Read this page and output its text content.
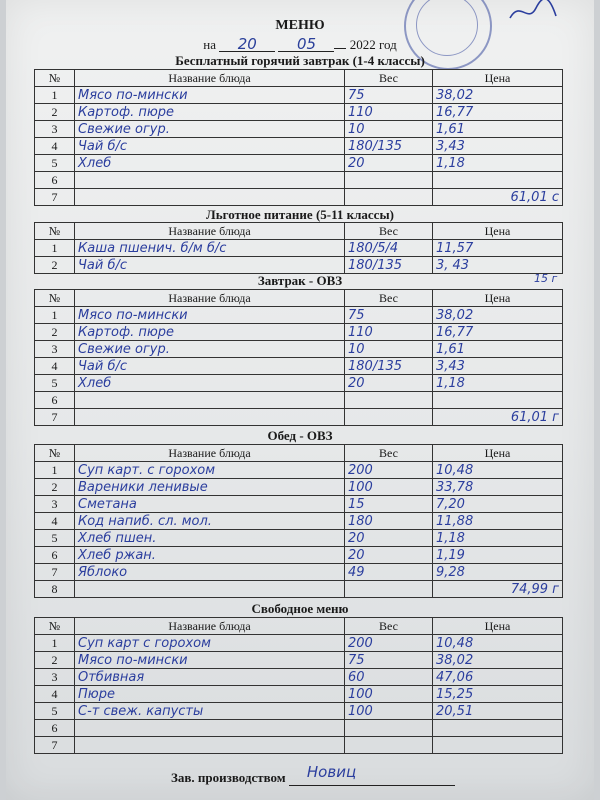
МЕНЮ
на 20	05	2022 год
Бесплатный горячий завтрак (1-4 классы)
№	Название блюда	Вес	Цена
1	Мясо по-мински	75	38,02
2	Картоф. пюре	110	16,77
3	Свежие огур.	10	1,61
4	Чай б/с	180/135	3,43
5	Хлеб	20	1,18
6			
7			61,01 с
Льготное питание (5-11 классы)
№	Название блюда	Вес	Цена
1	Каша пшенич. б/м б/с	180/5/4	11,57
2	Чай б/с	180/135	3, 43
15 г
Завтрак - ОВЗ
№	Название блюда	Вес	Цена
1	Мясо по-мински	75	38,02
2	Картоф. пюре	110	16,77
3	Свежие огур.	10	1,61
4	Чай б/с	180/135	3,43
5	Хлеб	20	1,18
6			
7			61,01 г
Обед - ОВЗ
№	Название блюда	Вес	Цена
1	Суп карт. с горохом	200	10,48
2	Вареники ленивые	100	33,78
3	Сметана	15	7,20
4	Код напиб. сл. мол.	180	11,88
5	Хлеб пшен.	20	1,18
6	Хлеб ржан.	20	1,19
7	Яблоко	49	9,28
8			74,99 г
Свободное меню
№	Название блюда	Вес	Цена
1	Суп карт с горохом	200	10,48
2	Мясо по-мински	75	38,02
3	Отбивная	60	47,06
4	Пюре	100	15,25
5	С-т свеж. капусты	100	20,51
6			
7			
Зав. производством Новиц
